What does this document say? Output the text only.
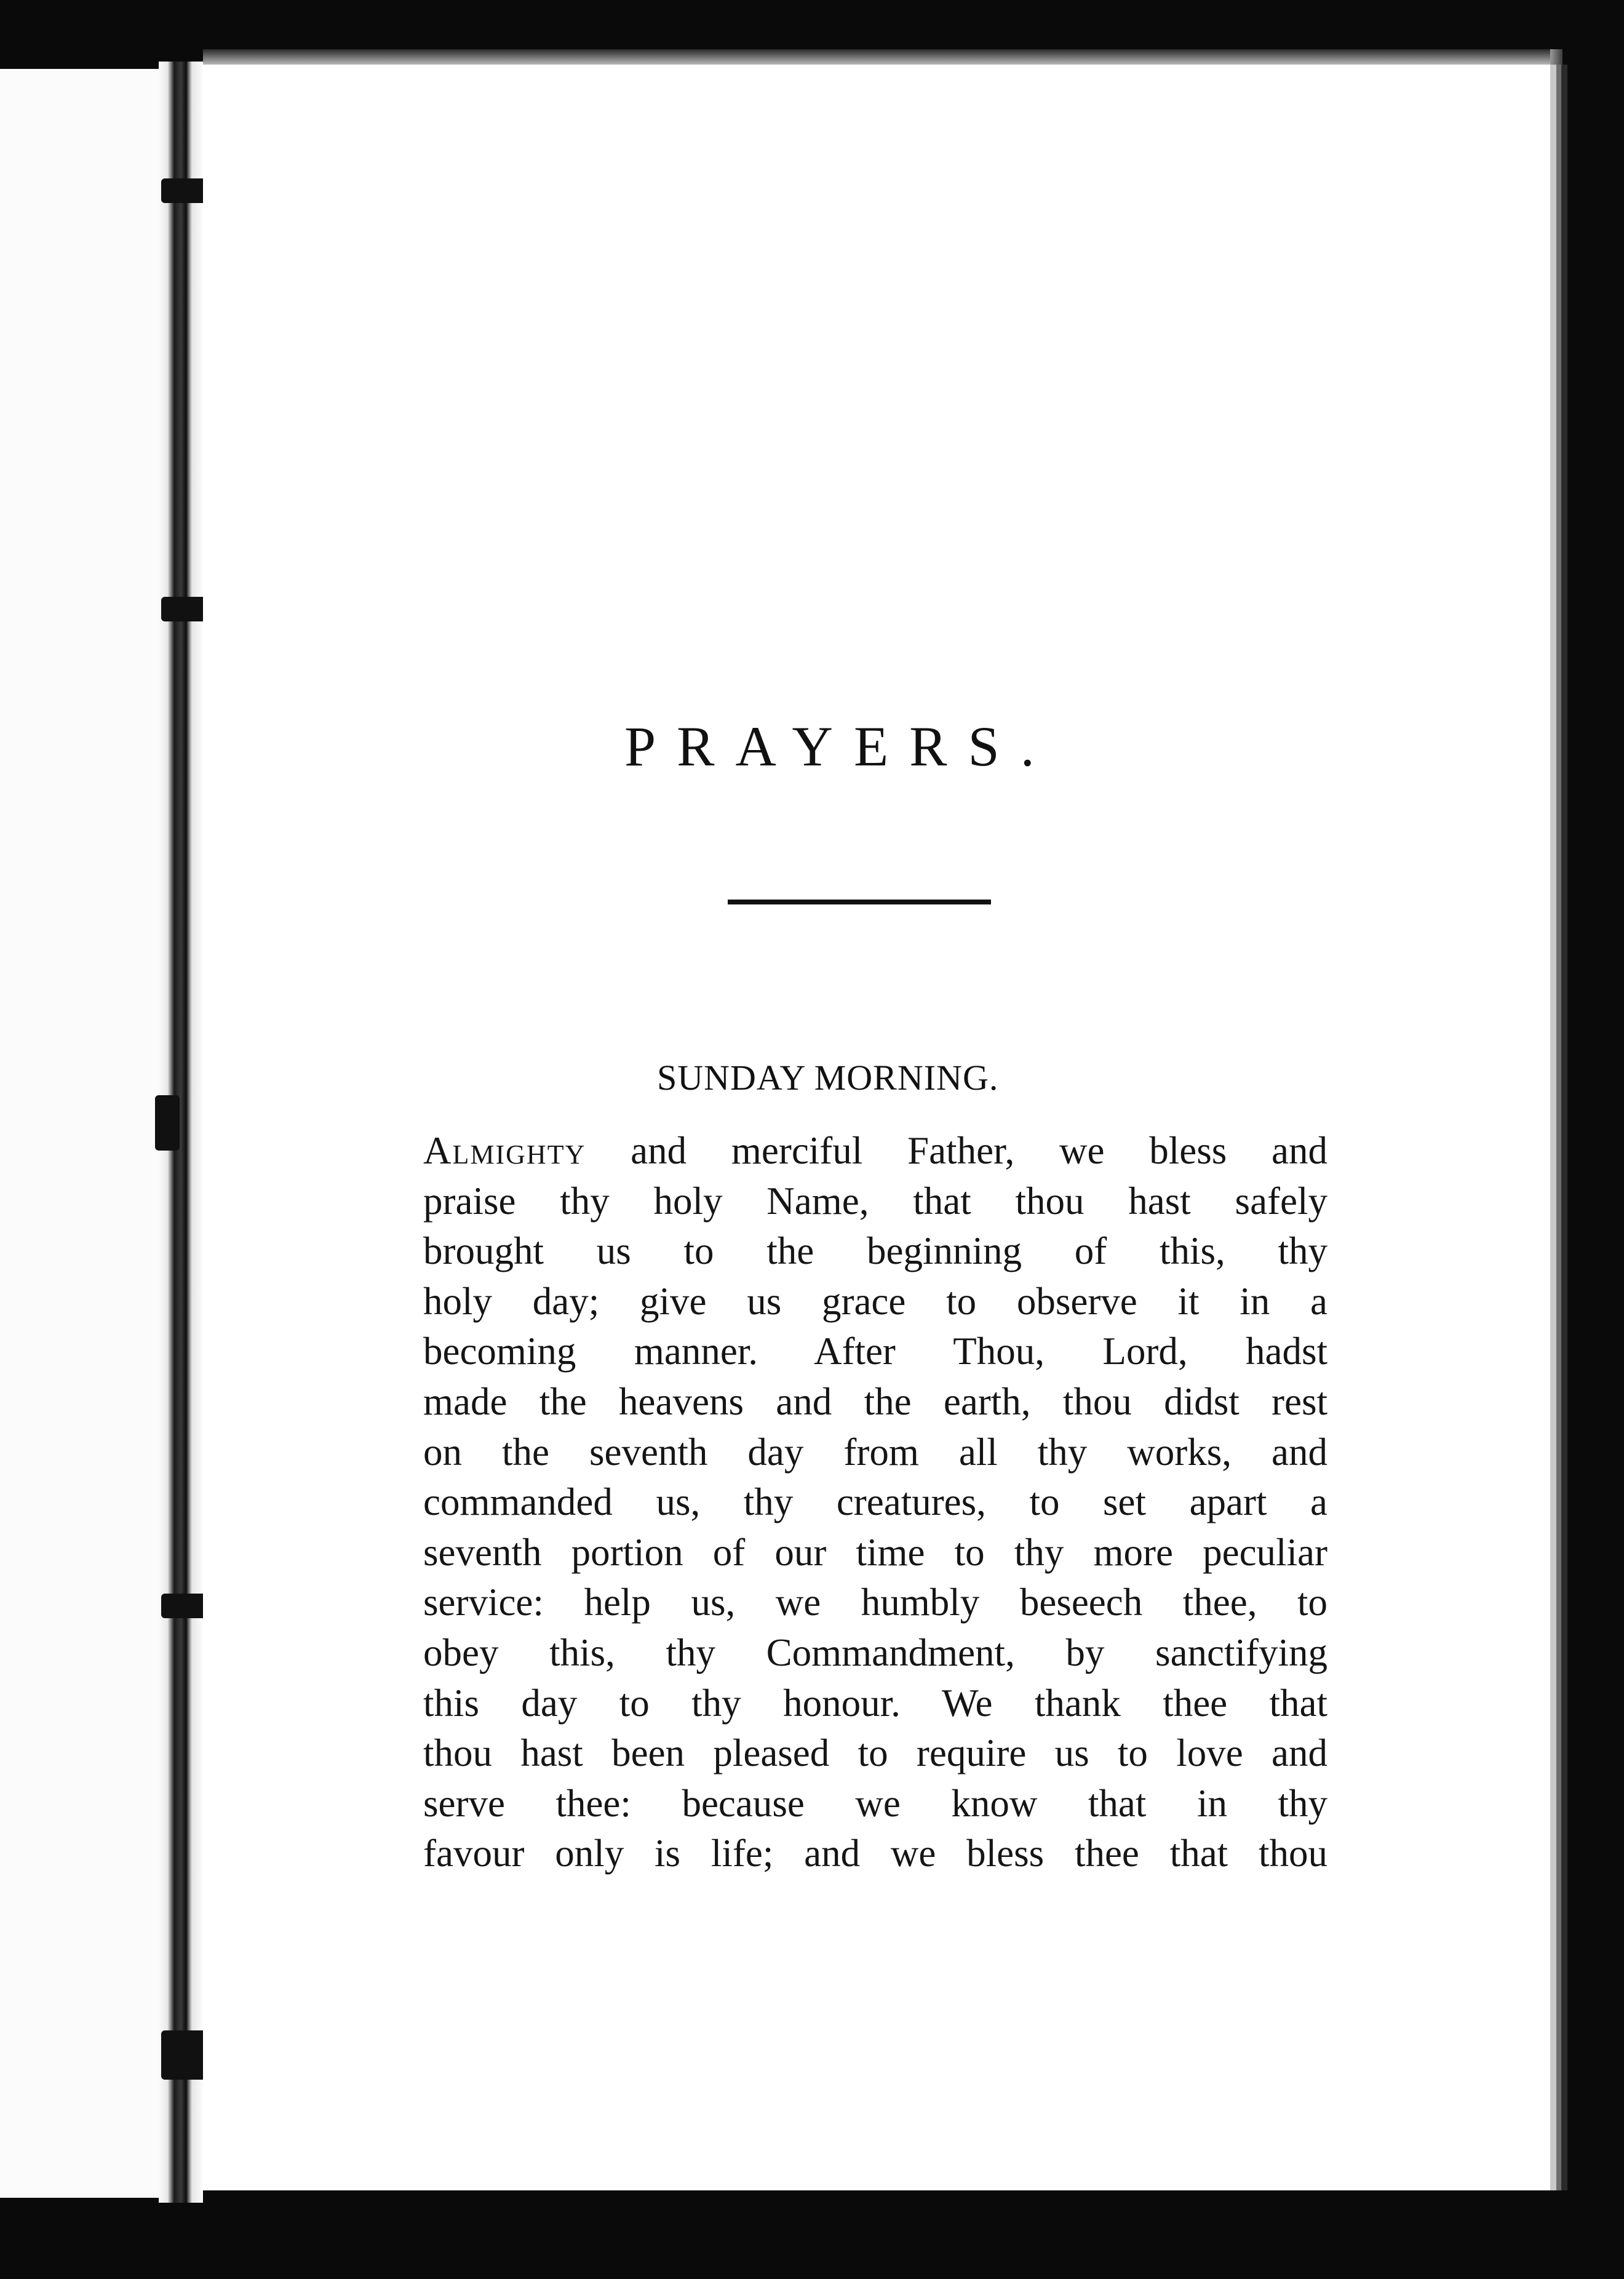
PRAYERS.
SUNDAY MORNING.
Almighty and merciful Father, we bless and
praise thy holy Name, that thou hast safely
brought us to the beginning of this, thy
holy day; give us grace to observe it in a
becoming manner. After Thou, Lord, hadst
made the heavens and the earth, thou didst rest
on the seventh day from all thy works, and
commanded us, thy creatures, to set apart a
seventh portion of our time to thy more peculiar
service: help us, we humbly beseech thee, to
obey this, thy Commandment, by sanctifying
this day to thy honour. We thank thee that
thou hast been pleased to require us to love and
serve thee: because we know that in thy
favour only is life; and we bless thee that thou
